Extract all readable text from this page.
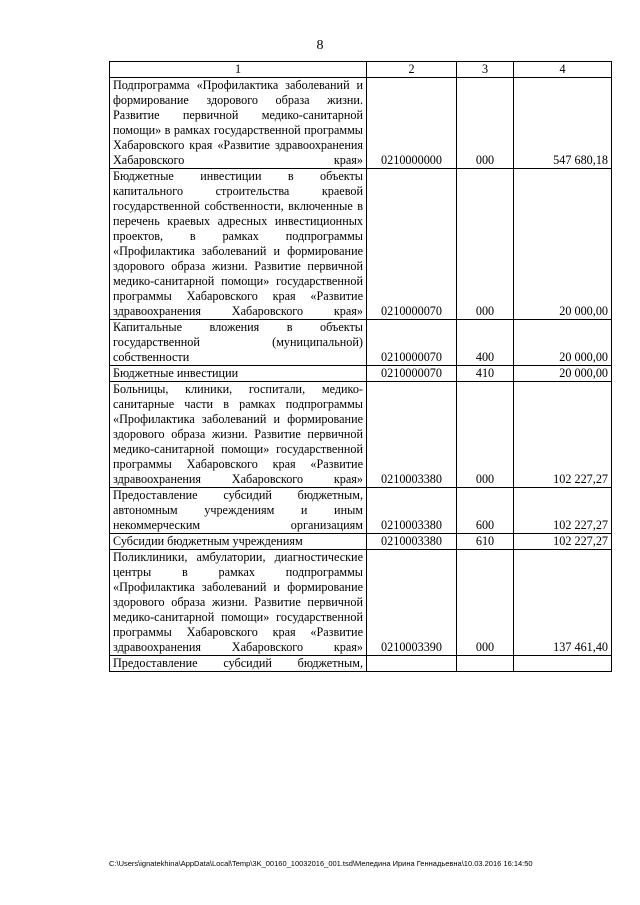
8
1	2	3	4
Подпрограмма «Профилактика заболеваний и формирование здорового образа жизни. Развитие первичной медико-санитарной помощи» в рамках государственной программы Хабаровского края «Развитие здравоохранения Хабаровского края»	0210000000	000	547 680,18
Бюджетные инвестиции в объекты капитального строительства краевой государственной собственности, включенные в перечень краевых адресных инвестиционных проектов, в рамках подпрограммы «Профилактика заболеваний и формирование здорового образа жизни. Развитие первичной медико-санитарной помощи» государственной программы Хабаровского края «Развитие здравоохранения Хабаровского края»	0210000070	000	20 000,00
Капитальные вложения в объекты государственной (муниципальной) собственности	0210000070	400	20 000,00
Бюджетные инвестиции	0210000070	410	20 000,00
Больницы, клиники, госпитали, медико-санитарные части в рамках подпрограммы «Профилактика заболеваний и формирование здорового образа жизни. Развитие первичной медико-санитарной помощи» государственной программы Хабаровского края «Развитие здравоохранения Хабаровского края»	0210003380	000	102 227,27
Предоставление субсидий бюджетным, автономным учреждениям и иным некоммерческим организациям	0210003380	600	102 227,27
Субсидии бюджетным учреждениям	0210003380	610	102 227,27
Поликлиники, амбулатории, диагностические центры в рамках подпрограммы «Профилактика заболеваний и формирование здорового образа жизни. Развитие первичной медико-санитарной помощи» государственной программы Хабаровского края «Развитие здравоохранения Хабаровского края»	0210003390	000	137 461,40
Предоставление субсидий бюджетным,			
C:\Users\ignatekhina\AppData\Local\Temp\3K_00160_10032016_001.tsd\Меледина Ирина Геннадьевна\10.03.2016 16:14:50
